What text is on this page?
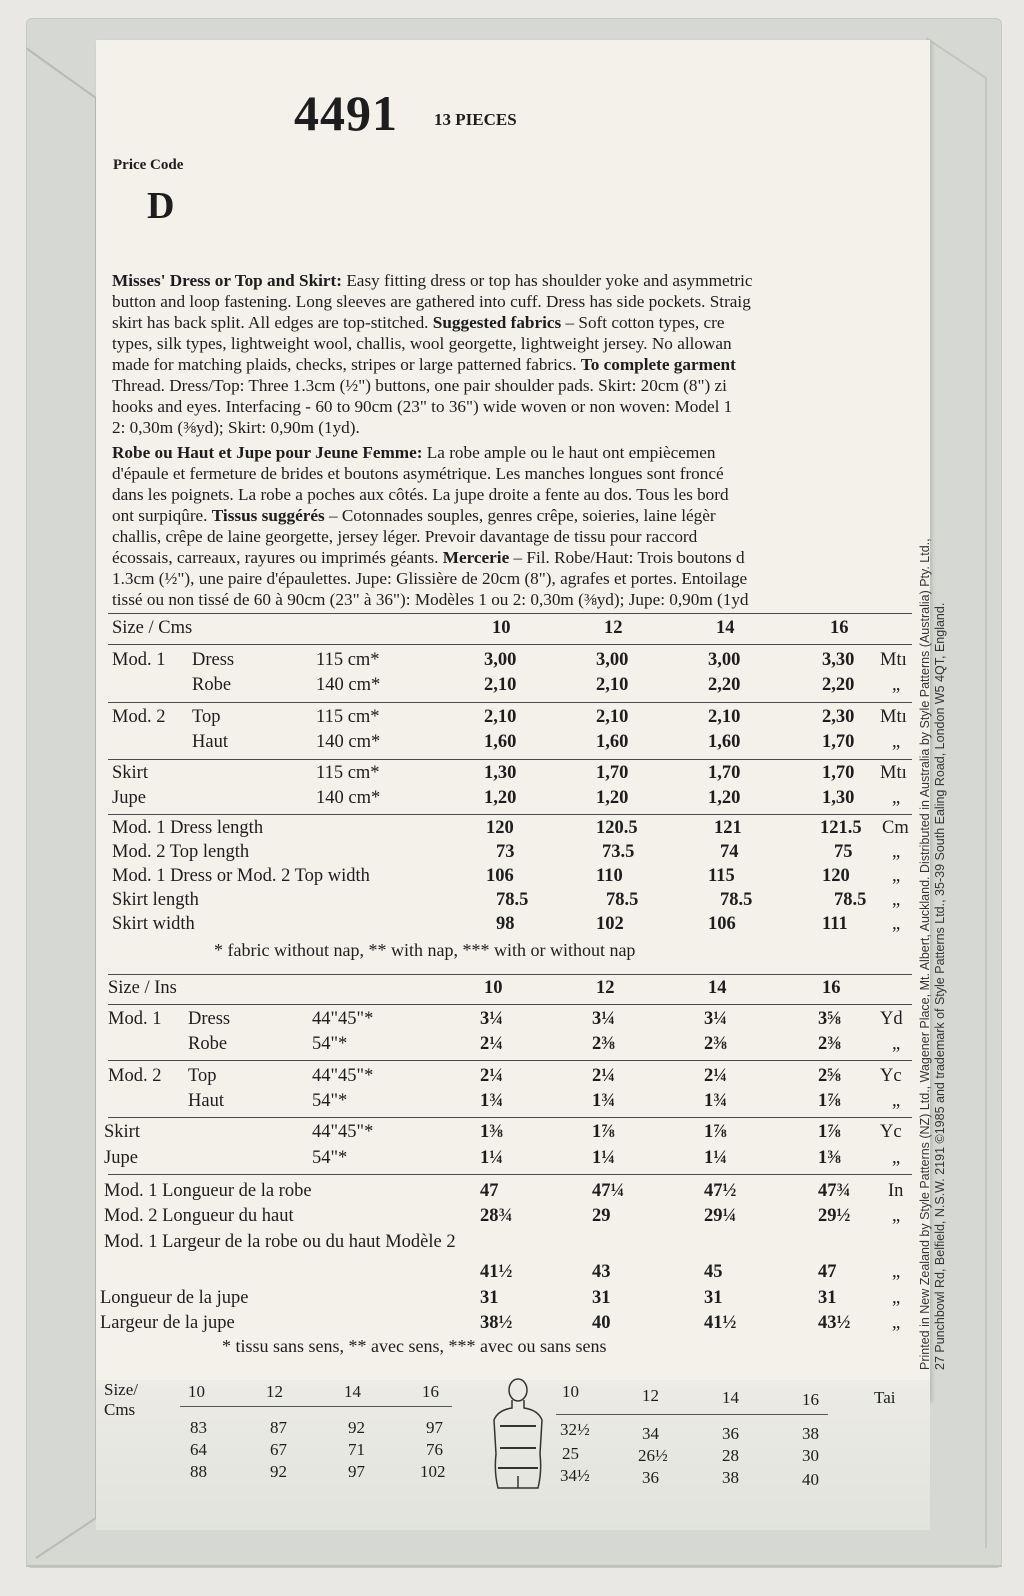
4491 13 PIECES
Price Code
D
Misses' Dress or Top and Skirt: Easy fitting dress or top has shoulder yoke and asymmetric
button and loop fastening. Long sleeves are gathered into cuff. Dress has side pockets. Straig
skirt has back split. All edges are top-stitched. Suggested fabrics – Soft cotton types, cre
types, silk types, lightweight wool, challis, wool georgette, lightweight jersey. No allowan
made for matching plaids, checks, stripes or large patterned fabrics. To complete garment
Thread. Dress/Top: Three 1.3cm (½") buttons, one pair shoulder pads. Skirt: 20cm (8") zi
hooks and eyes. Interfacing - 60 to 90cm (23" to 36") wide woven or non woven: Model 1
2: 0,30m (⅜yd); Skirt: 0,90m (1yd).
Robe ou Haut et Jupe pour Jeune Femme: La robe ample ou le haut ont empiècemen
d'épaule et fermeture de brides et boutons asymétrique. Les manches longues sont froncé
dans les poignets. La robe a poches aux côtés. La jupe droite a fente au dos. Tous les bord
ont surpiqûre. Tissus suggérés – Cotonnades souples, genres crêpe, soieries, laine légèr
challis, crêpe de laine georgette, jersey léger. Prevoir davantage de tissu pour raccord
écossais, carreaux, rayures ou imprimés géants. Mercerie – Fil. Robe/Haut: Trois boutons d
1.3cm (½"), une paire d'épaulettes. Jupe: Glissière de 20cm (8"), agrafes et portes. Entoilage
tissé ou non tissé de 60 à 90cm (23" à 36"): Modèles 1 ou 2: 0,30m (⅜yd); Jupe: 0,90m (1yd
Size / Cms	10	12	14	16
Mod. 1 Dress	115 cm*	3,00	3,00	3,00	3,30 Mtı
Robe	140 cm*	2,10	2,10	2,20	2,20 „
Mod. 2 Top	115 cm*	2,10	2,10	2,10	2,30 Mtı
Haut	140 cm*	1,60	1,60	1,60	1,70 „
Skirt	115 cm*	1,30	1,70	1,70	1,70 Mtı
Jupe	140 cm*	1,20	1,20	1,20	1,30 „
Mod. 1 Dress length	120	120.5	121	121.5 Cm
Mod. 2 Top length	73	73.5	74	75 „
Mod. 1 Dress or Mod. 2 Top width	106	110	115	120 „
Skirt length	78.5	78.5	78.5	78.5 „
Skirt width	98	102	106	111 „
* fabric without nap, ** with nap, *** with or without nap
Size / Ins	10	12	14	16
Mod. 1 Dress	44"45"*	3¼	3¼	3¼	3⅝ Yd
Robe	54"*	2¼	2⅜	2⅜	2⅜	„
Mod. 2 Top	44"45"*	2¼	2¼	2¼	2⅝ Yc
Haut	54"*	1¾	1¾	1¾	1⅞	„
Skirt	44"45"*	1⅜	1⅞	1⅞	1⅞ Yc
Jupe	54"*	1¼	1¼	1¼	1⅜	„
Mod. 1 Longueur de la robe	47	47¼	47½	47¾ In
Mod. 2 Longueur du haut	28¾	29	29¼	29½ „
Mod. 1 Largeur de la robe ou du haut Modèle 2
41½	43	45	47	„
Longueur de la jupe	31	31	31	31	„
Largeur de la jupe	38½	40	41½	43½ „
* tissu sans sens, ** avec sens, *** avec ou sans sens
Size/
Cms
10	12	14	16
83	87	92	97
64	67	71	76
88	92	97	102
10	12	14	16	Tai
32½	34	36	38
25	26½	28	30
34½	36	38	40
Printed in New Zealand by Style Patterns (NZ) Ltd., Wagener Place, Mt. Albert, Auckland. Distributed in Australia by Style Patterns (Australia) Pty. Ltd., 27 Punchbowl Rd, Belfield, N.S.W. 2191 ©1985 and trademark of Style Patterns Ltd., 35-39 South Ealing Road, London W5 4QT, England.
